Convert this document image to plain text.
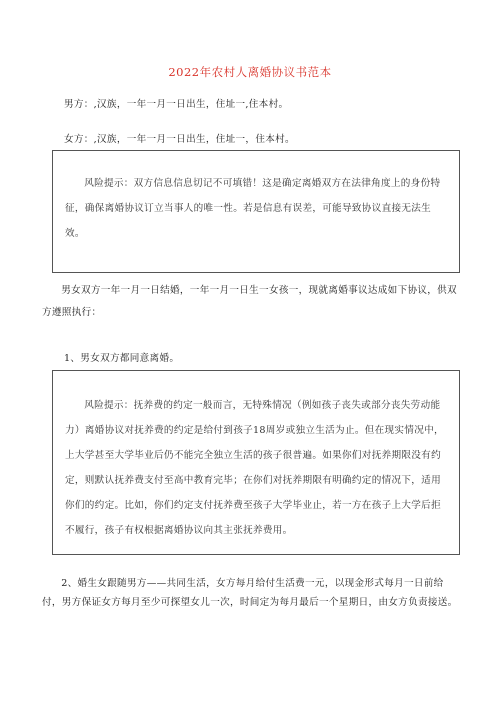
2022年农村人离婚协议书范本
男方：,汉族，一年一月一日出生，住址一,住本村。
女方：,汉族，一年一月一日出生，住址一，住本村。

风险提示：双方信息信息切记不可填错！这是确定离婚双方在法律角度上的身份特征，确保离婚协议订立当事人的唯一性。若是信息有误差，可能导致协议直接无法生效。

男女双方一年一月一日结婚，一年一月一日生一女孩一，现就离婚事议达成如下协议，供双方遵照执行：

1、男女双方都同意离婚。

风险提示：抚养费的约定一般而言，无特殊情况（例如孩子丧失或部分丧失劳动能力）离婚协议对抚养费的约定是给付到孩子18周岁或独立生活为止。但在现实情况中，上大学甚至大学毕业后仍不能完全独立生活的孩子很普遍。如果你们对抚养期限没有约定，则默认抚养费支付至高中教育完毕；在你们对抚养期限有明确约定的情况下，适用你们的约定。比如，你们约定支付抚养费至孩子大学毕业止，若一方在孩子上大学后拒不履行，孩子有权根据离婚协议向其主张抚养费用。

2、婚生女跟随男方——共同生活，女方每月给付生活费一元，以现金形式每月一日前给付，男方保证女方每月至少可探望女儿一次，时间定为每月最后一个星期日，由女方负责接送。
